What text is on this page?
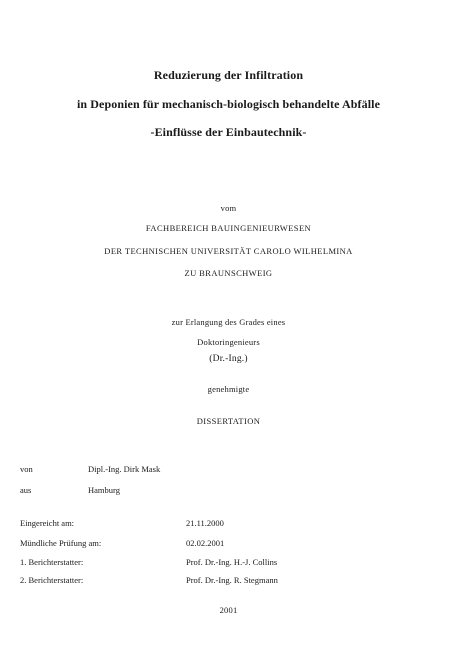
Reduzierung der Infiltration
in Deponien für mechanisch-biologisch behandelte Abfälle
-Einflüsse der Einbautechnik-
vom
FACHBEREICH BAUINGENIEURWESEN
DER TECHNISCHEN UNIVERSITÄT CAROLO WILHELMINA
ZU BRAUNSCHWEIG
zur Erlangung des Grades eines
Doktoringenieurs
(Dr.-Ing.)
genehmigte
DISSERTATION
von	Dipl.-Ing. Dirk Mask
aus	Hamburg
Eingereicht am:	21.11.2000
Mündliche Prüfung am:	02.02.2001
1. Berichterstatter:	Prof. Dr.-Ing. H.-J. Collins
2. Berichterstatter:	Prof. Dr.-Ing. R. Stegmann
2001
